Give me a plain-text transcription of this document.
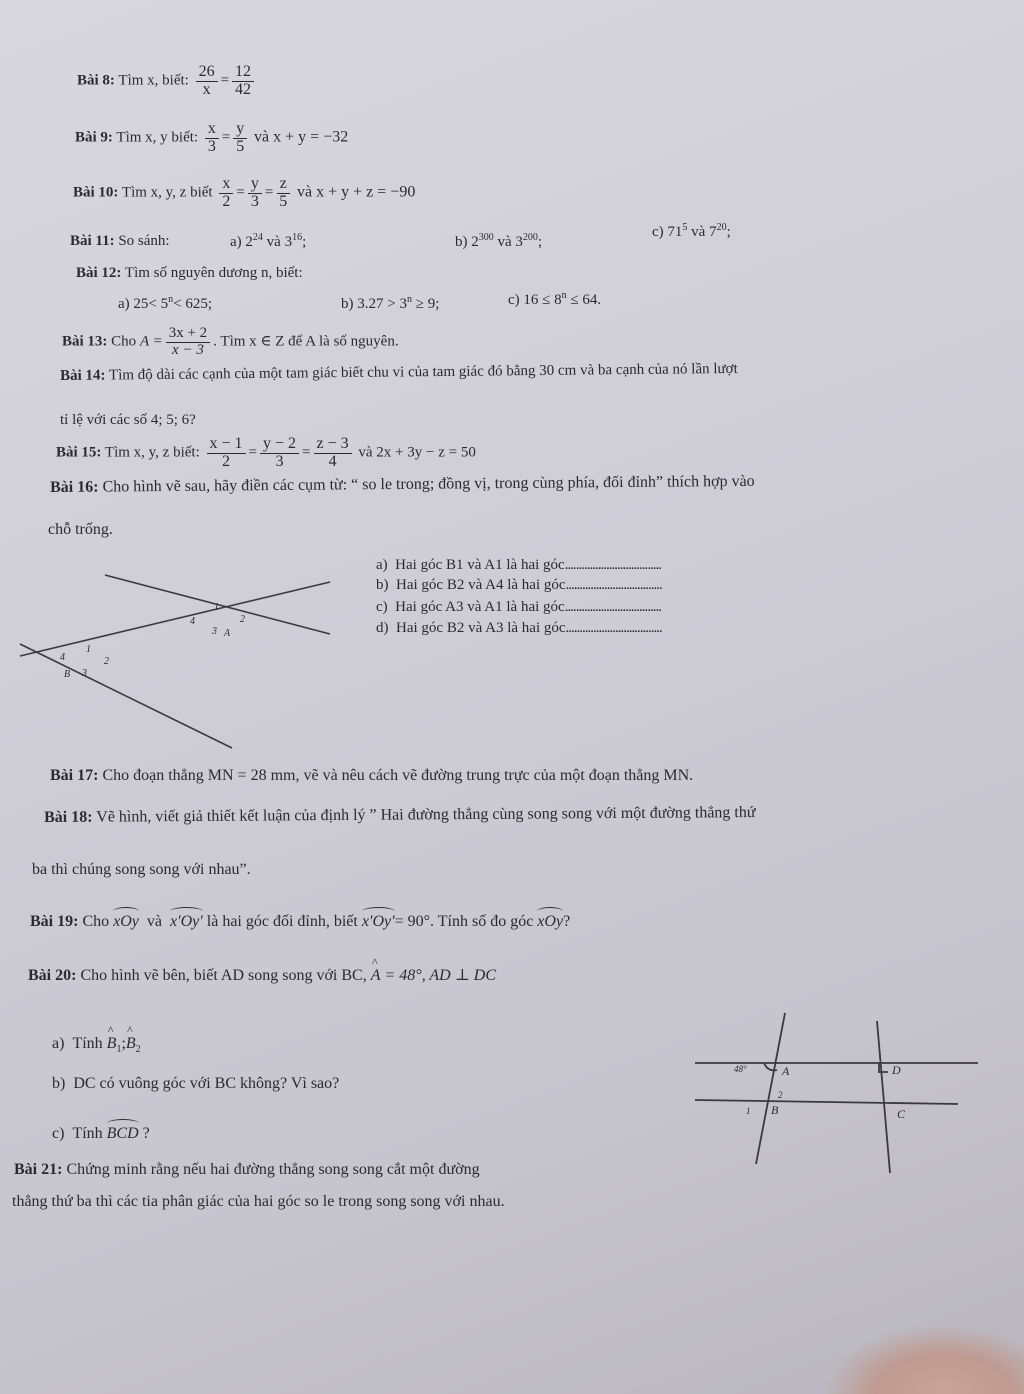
Bài 8: Tìm x, biết: $\frac{26}{x} = \frac{12}{42}$
Bài 9: Tìm x, y biết: $\frac{x}{3} = \frac{y}{5}$ và x + y = −32
Bài 10: Tìm x, y, z biết $\frac{x}{2} = \frac{y}{3} = \frac{z}{5}$ và x + y + z = −90
Bài 11: So sánh:	a) $2^{24}$ và $3^{16}$;	b) $2^{300}$ và $3^{200}$;
c) $71^5$ và $7^{20}$;
Bài 12: Tìm số nguyên dương n, biết:
a) $25< 5^n< 625$;	b) $3.27 > 3^n \ge 9$;	c) $16 \le 8^n \le 64$.
Bài 13: Cho $A = \frac{3x + 2}{x - 3}$ . Tìm x ∈ Z để A là số nguyên.
Bài 14: Tìm độ dài các cạnh của một tam giác biết chu vi của tam giác đó bằng 30 cm và ba cạnh của nó lần lượt
tỉ lệ với các số 4; 5; 6?
Bài 15: Tìm x, y, z biết: $\frac{x - 1}{2} = \frac{y - 2}{3} = \frac{z - 3}{4}$ và 2x + 3y − z = 50
Bài 16: Cho hình vẽ sau, hãy điền các cụm từ: “ so le trong; đồng vị, trong cùng phía, đối đỉnh” thích hợp vào
chỗ trống.
a) Hai góc B1 và A1 là hai góc...................................
b) Hai góc B2 và A4 là hai góc...................................
c) Hai góc A3 và A1 là hai góc...................................
d) Hai góc B2 và A3 là hai góc...................................
A
B
1
2
3
4
1
2
3
4
Bài 17: Cho đoạn thẳng MN = 28 mm, vẽ và nêu cách vẽ đường trung trực của một đoạn thẳng MN.
Bài 18: Vẽ hình, viết giả thiết kết luận của định lý ” Hai đường thẳng cùng song song với một đường thẳng thứ
ba thì chúng song song với nhau”.
Bài 19: Cho xOy và x′Oy′ là hai góc đối đỉnh, biết x′Oy′= 90°. Tính số đo góc xOy?
Bài 20: Cho hình vẽ bên, biết AD song song với BC, ^ A = 48°, AD ⊥ DC
a) Tính ^ $B_1;\^{}$ $B_2$
b) DC có vuông góc với BC không? Vì sao?
c) Tính BCD ?
48°	A	D
B	C
1
2
Bài 21: Chứng minh rằng nếu hai đường thẳng song song cắt một đường
thẳng thứ ba thì các tia phân giác của hai góc so le trong song song với nhau.
